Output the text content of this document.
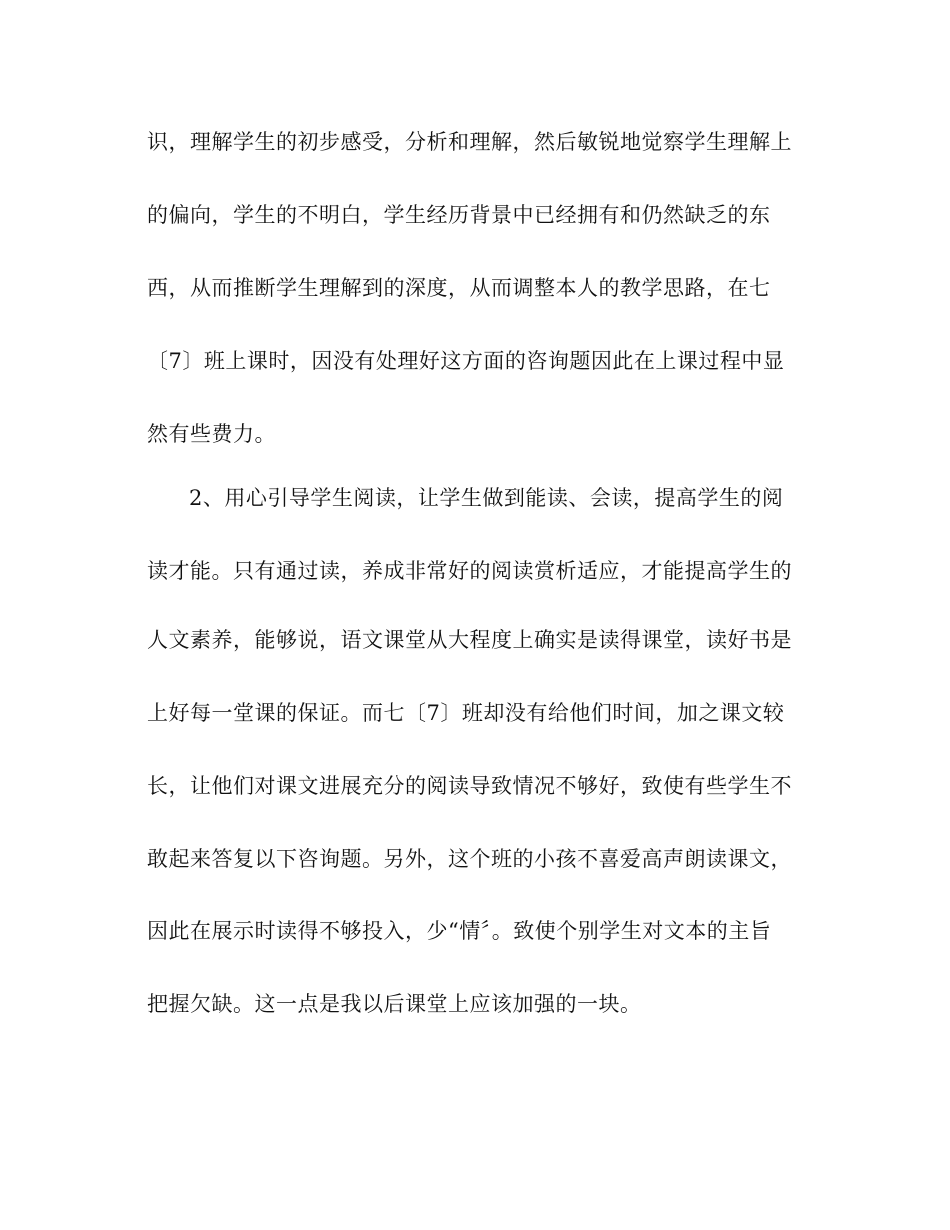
识，理解学生的初步感受，分析和理解，然后敏锐地觉察学生理解上
的偏向，学生的不明白，学生经历背景中已经拥有和仍然缺乏的东
西，从而推断学生理解到的深度，从而调整本人的教学思路，在七
〔7〕班上课时，因没有处理好这方面的咨询题因此在上课过程中显
然有些费力。
2、用心引导学生阅读，让学生做到能读、会读，提高学生的阅
读才能。只有通过读，养成非常好的阅读赏析适应，才能提高学生的
人文素养，能够说，语文课堂从大程度上确实是读得课堂，读好书是
上好每一堂课的保证。而七〔7〕班却没有给他们时间，加之课文较
长，让他们对课文进展充分的阅读导致情况不够好，致使有些学生不
敢起来答复以下咨询题。另外，这个班的小孩不喜爱高声朗读课文，
因此在展示时读得不够投入，少“情〞。致使个别学生对文本的主旨
把握欠缺。这一点是我以后课堂上应该加强的一块。
